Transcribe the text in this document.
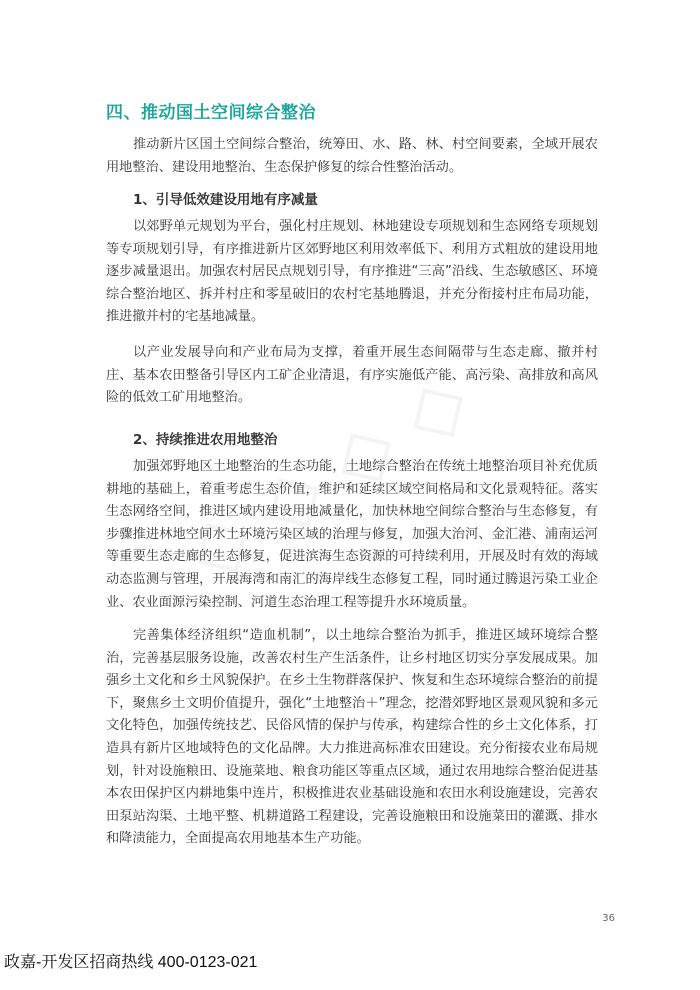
四、推动国土空间综合整治

推动新片区国土空间综合整治，统筹田、水、路、林、村空间要素，全域开展农用地整治、建设用地整治、生态保护修复的综合性整治活动。

1、引导低效建设用地有序减量

以郊野单元规划为平台，强化村庄规划、林地建设专项规划和生态网络专项规划等专项规划引导，有序推进新片区郊野地区利用效率低下、利用方式粗放的建设用地逐步减量退出。加强农村居民点规划引导，有序推进“三高”沿线、生态敏感区、环境综合整治地区、拆并村庄和零星破旧的农村宅基地腾退，并充分衔接村庄布局功能，推进撤并村的宅基地减量。

以产业发展导向和产业布局为支撑，着重开展生态间隔带与生态走廊、撤并村庄、基本农田整备引导区内工矿企业清退，有序实施低产能、高污染、高排放和高风险的低效工矿用地整治。

2、持续推进农用地整治

加强郊野地区土地整治的生态功能，土地综合整治在传统土地整治项目补充优质耕地的基础上，着重考虑生态价值，维护和延续区域空间格局和文化景观特征。落实生态网络空间，推进区域内建设用地减量化，加快林地空间综合整治与生态修复，有步骤推进林地空间水土环境污染区域的治理与修复，加强大治河、金汇港、浦南运河等重要生态走廊的生态修复，促进滨海生态资源的可持续利用，开展及时有效的海域动态监测与管理，开展海湾和南汇的海岸线生态修复工程，同时通过腾退污染工业企业、农业面源污染控制、河道生态治理工程等提升水环境质量。

完善集体经济组织“造血机制”，以土地综合整治为抓手，推进区域环境综合整治，完善基层服务设施，改善农村生产生活条件，让乡村地区切实分享发展成果。加强乡土文化和乡土风貌保护。在乡土生物群落保护、恢复和生态环境综合整治的前提下，聚焦乡土文明价值提升，强化“土地整治＋”理念，挖潜郊野地区景观风貌和多元文化特色，加强传统技艺、民俗风情的保护与传承，构建综合性的乡土文化体系，打造具有新片区地域特色的文化品牌。大力推进高标准农田建设。充分衔接农业布局规划，针对设施粮田、设施菜地、粮食功能区等重点区域，通过农用地综合整治促进基本农田保护区内耕地集中连片，积极推进农业基础设施和农田水利设施建设，完善农田泵站沟渠、土地平整、机耕道路工程建设，完善设施粮田和设施菜田的灌溉、排水和降渍能力，全面提高农用地基本生产功能。

36
政嘉-开发区招商热线 400-0123-021
